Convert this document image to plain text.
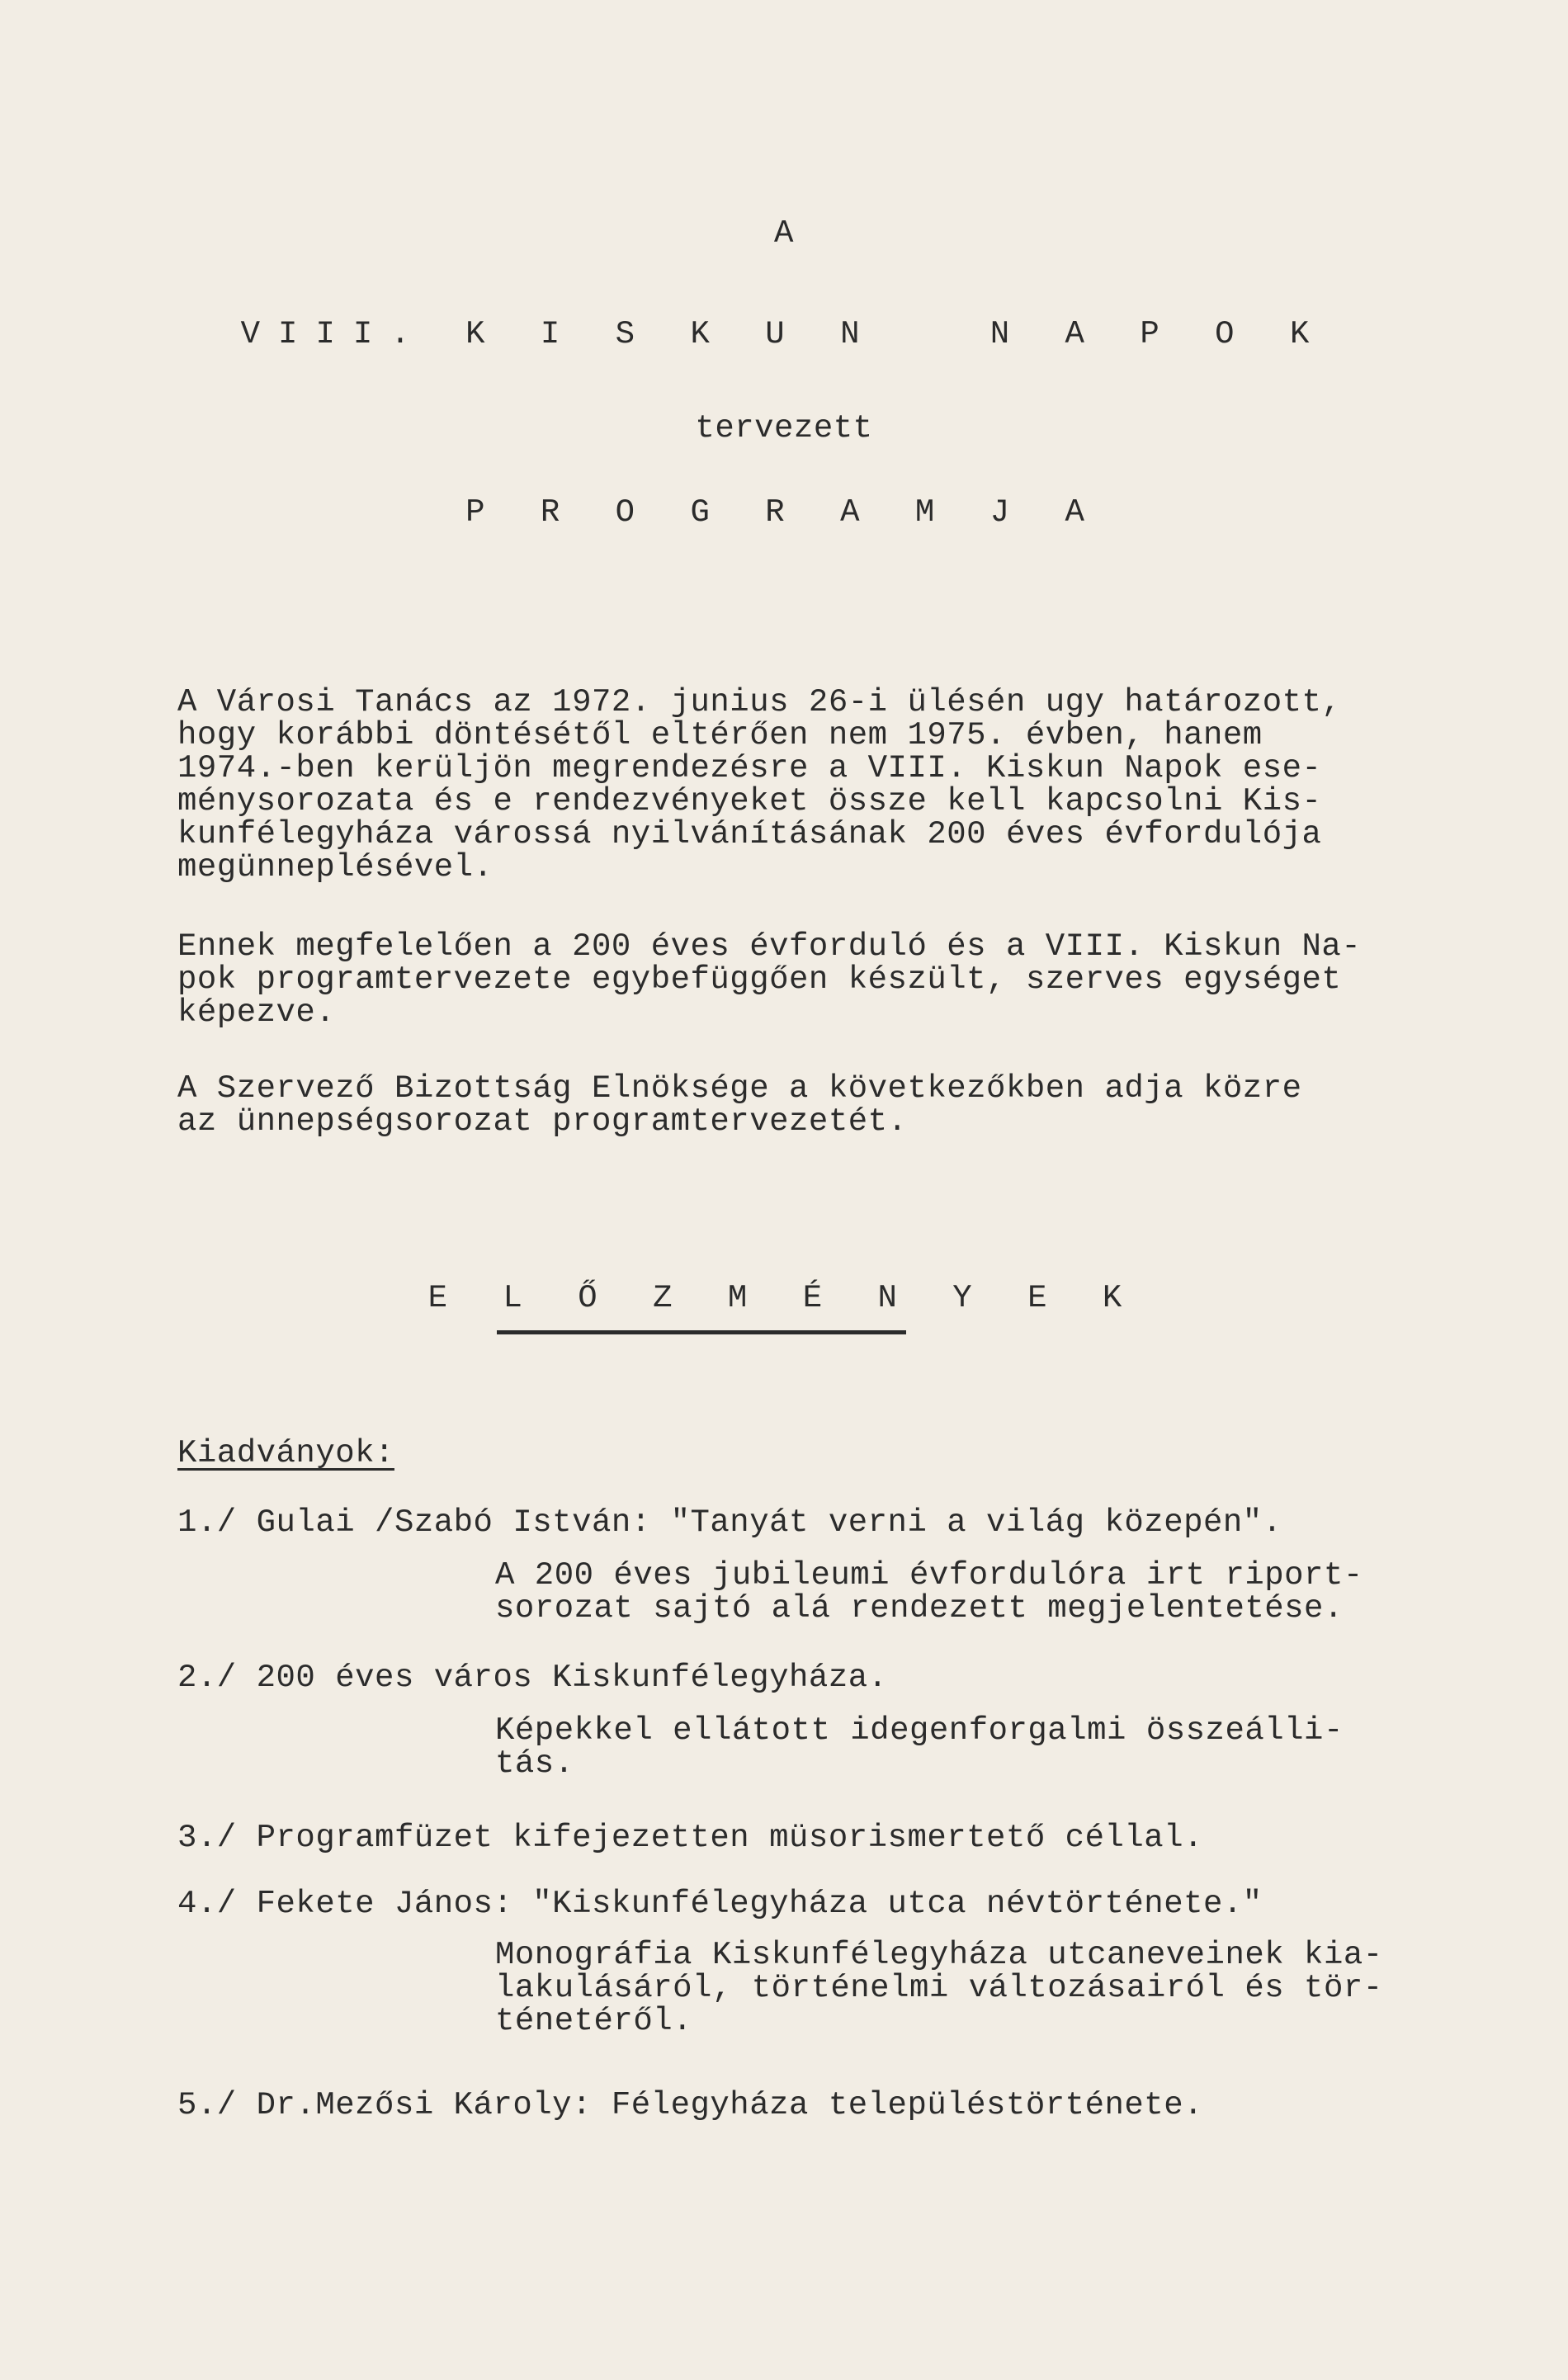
A

VIII. K I S K U N   N A P O K

tervezett

P R O G R A M J A

A Városi Tanács az 1972. junius 26-i ülésén ugy határozott,

hogy korábbi döntésétől eltérően nem 1975. évben, hanem

1974.-ben kerüljön megrendezésre a VIII. Kiskun Napok ese-

ménysorozata és e rendezvényeket össze kell kapcsolni Kis-

kunfélegyháza várossá nyilvánításának 200 éves évfordulója

megünneplésével.

Ennek megfelelően a 200 éves évforduló és a VIII. Kiskun Na-

pok programtervezete egybefüggően készült, szerves egységet

képezve.

A Szervező Bizottság Elnöksége a következőkben adja közre

az ünnepségsorozat programtervezetét.

E L Ő Z M É N Y E K

Kiadványok:

1./ Gulai /Szabó István: "Tanyát verni a világ közepén".

A 200 éves jubileumi évfordulóra irt riport-

sorozat sajtó alá rendezett megjelentetése.

2./ 200 éves város Kiskunfélegyháza.

Képekkel ellátott idegenforgalmi összeálli-

tás.

3./ Programfüzet kifejezetten müsorismertető céllal.

4./ Fekete János: "Kiskunfélegyháza utca névtörténete."

Monográfia Kiskunfélegyháza utcaneveinek kia-

lakulásáról, történelmi változásairól és tör-

ténetéről.

5./ Dr.Mezősi Károly: Félegyháza településtörténete.
